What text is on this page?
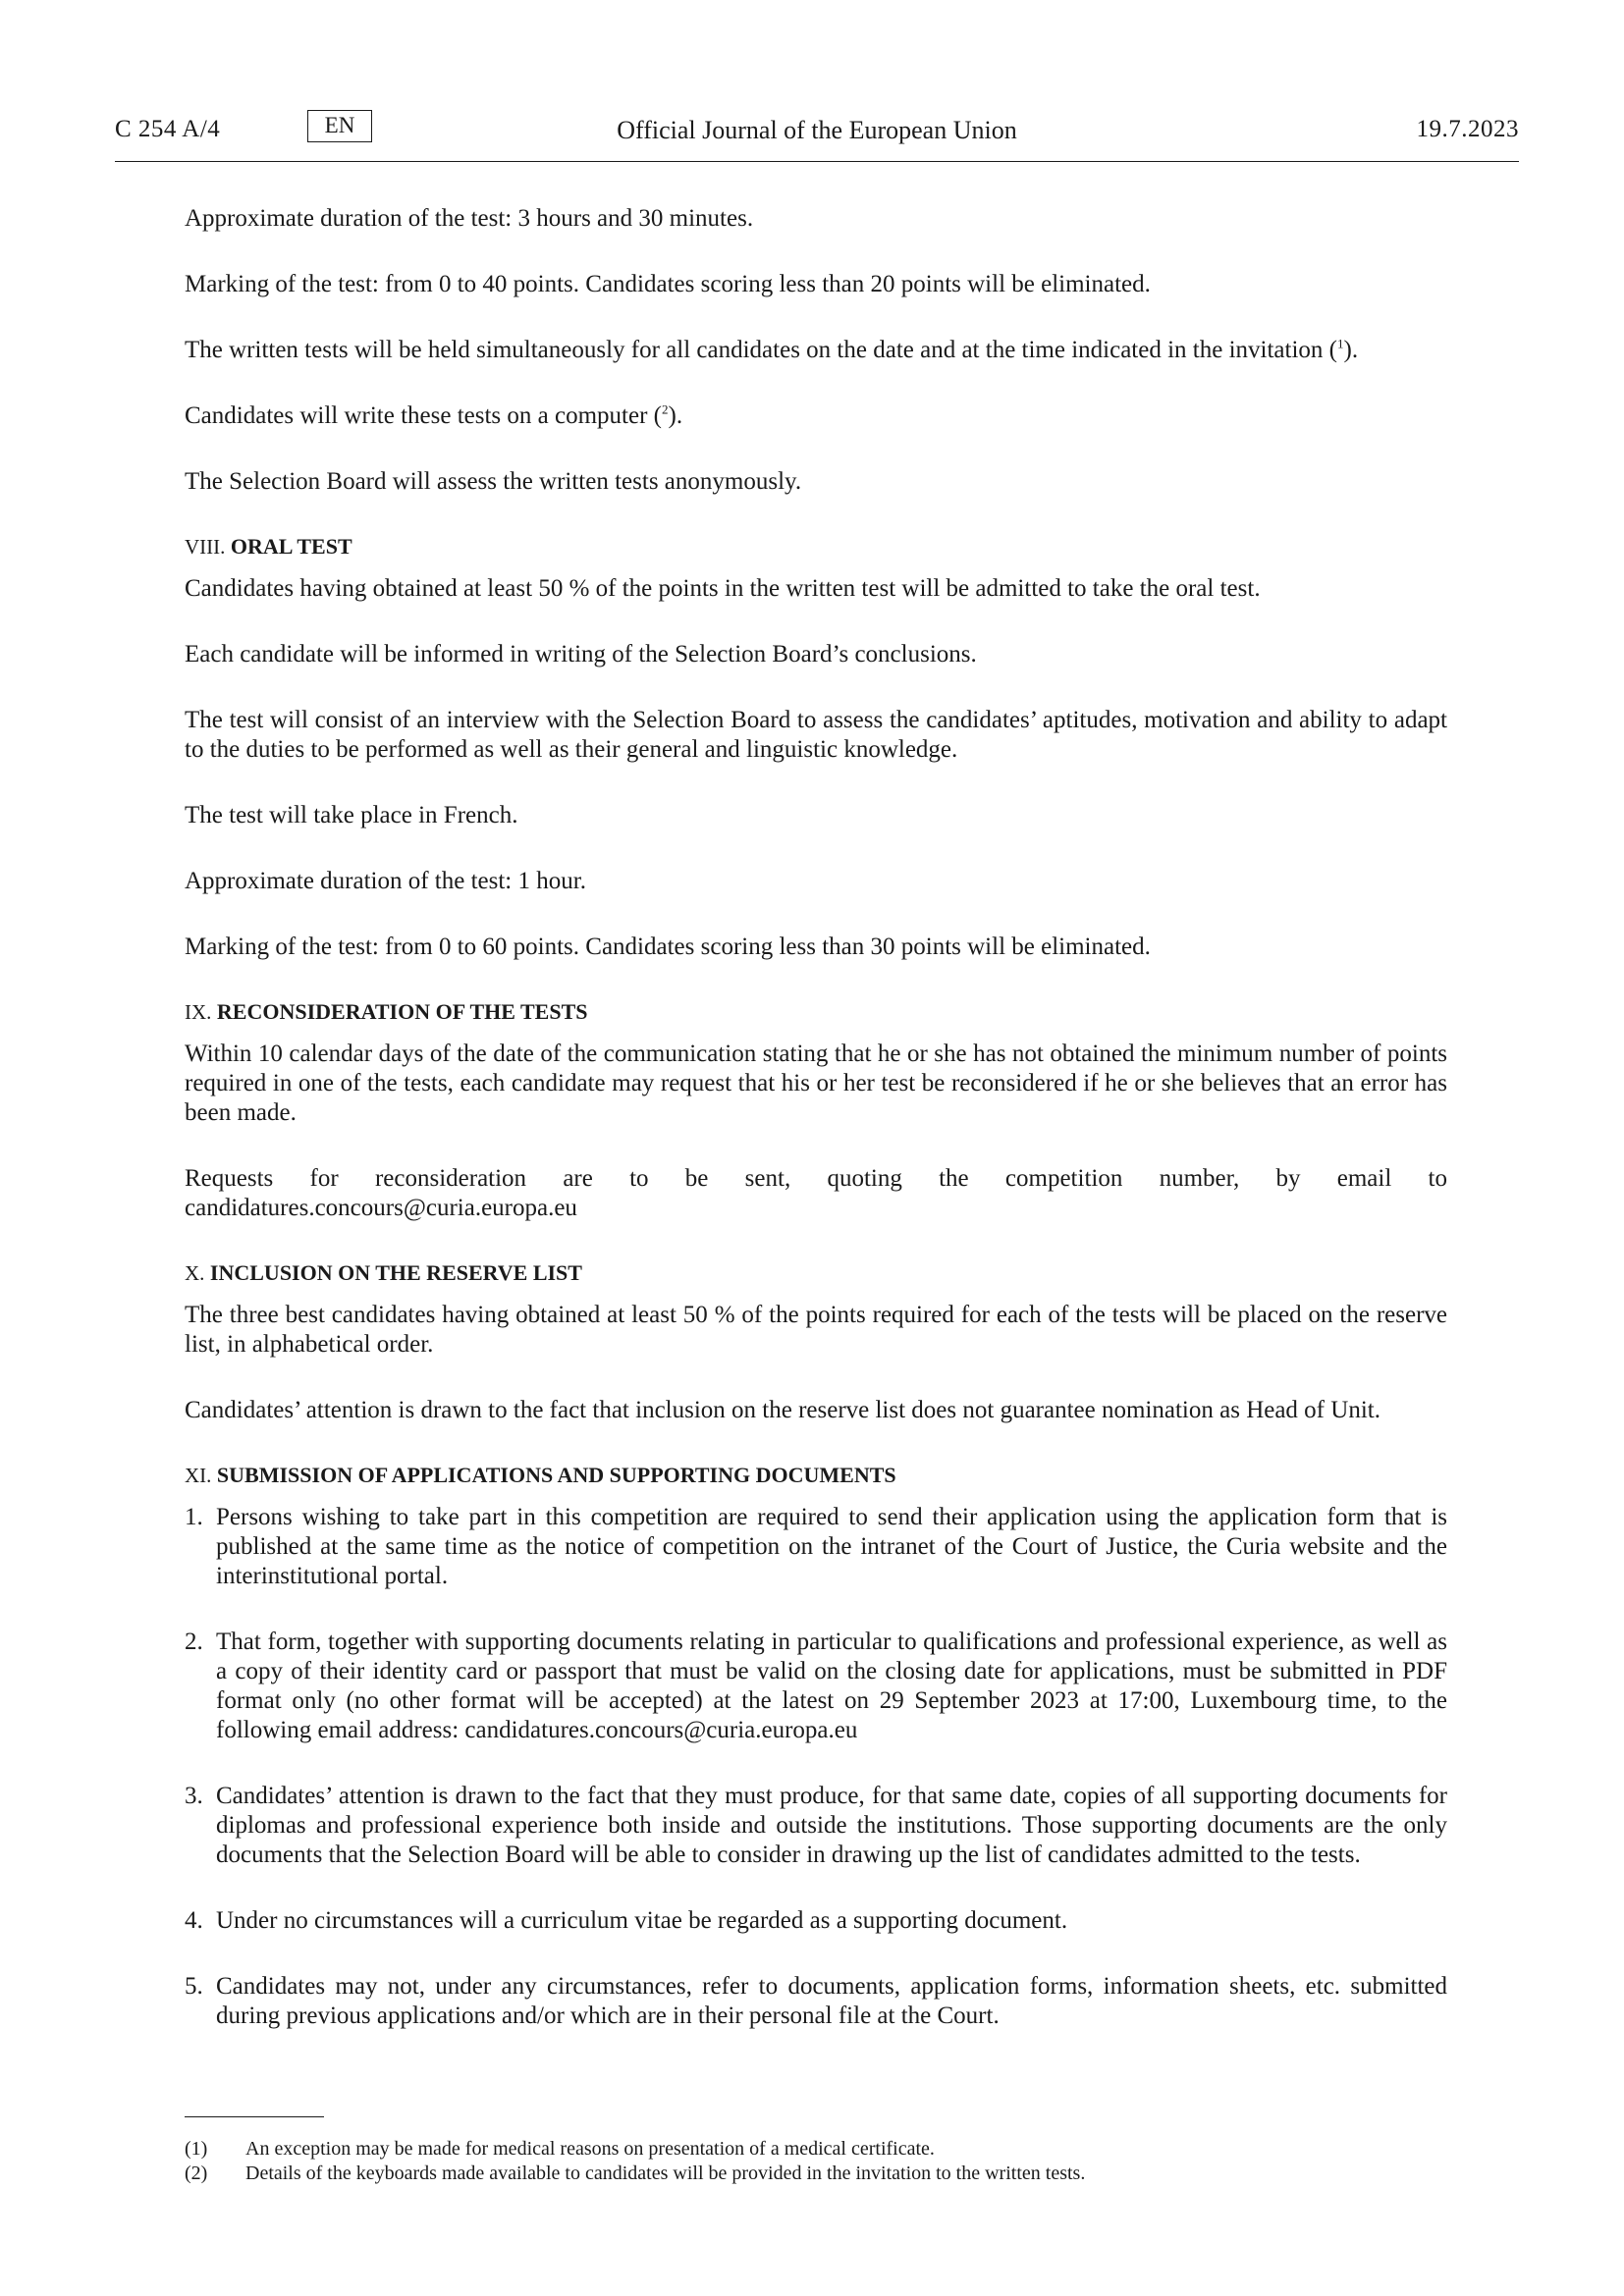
C 254 A/4	EN	Official Journal of the European Union	19.7.2023

Approximate duration of the test: 3 hours and 30 minutes.

Marking of the test: from 0 to 40 points. Candidates scoring less than 20 points will be eliminated.

The written tests will be held simultaneously for all candidates on the date and at the time indicated in the invitation ($^1$).

Candidates will write these tests on a computer ($^2$).

The Selection Board will assess the written tests anonymously.

VIII. ORAL TEST

Candidates having obtained at least 50 % of the points in the written test will be admitted to take the oral test.

Each candidate will be informed in writing of the Selection Board’s conclusions.

The test will consist of an interview with the Selection Board to assess the candidates’ aptitudes, motivation and ability to adapt to the duties to be performed as well as their general and linguistic knowledge.

The test will take place in French.

Approximate duration of the test: 1 hour.

Marking of the test: from 0 to 60 points. Candidates scoring less than 30 points will be eliminated.

IX. RECONSIDERATION OF THE TESTS

Within 10 calendar days of the date of the communication stating that he or she has not obtained the minimum number of points required in one of the tests, each candidate may request that his or her test be reconsidered if he or she believes that an error has been made.

Requests for reconsideration are to be sent, quoting the competition number, by email to candidatures.concours@curia.europa.eu

X. INCLUSION ON THE RESERVE LIST

The three best candidates having obtained at least 50 % of the points required for each of the tests will be placed on the reserve list, in alphabetical order.

Candidates’ attention is drawn to the fact that inclusion on the reserve list does not guarantee nomination as Head of Unit.

XI. SUBMISSION OF APPLICATIONS AND SUPPORTING DOCUMENTS
1. Persons wishing to take part in this competition are required to send their application using the application form that is published at the same time as the notice of competition on the intranet of the Court of Justice, the Curia website and the interinstitutional portal.
2. That form, together with supporting documents relating in particular to qualifications and professional experience, as well as a copy of their identity card or passport that must be valid on the closing date for applications, must be submitted in PDF format only (no other format will be accepted) at the latest on 29 September 2023 at 17:00, Luxembourg time, to the following email address: candidatures.concours@curia.europa.eu
3. Candidates’ attention is drawn to the fact that they must produce, for that same date, copies of all supporting documents for diplomas and professional experience both inside and outside the institutions. Those supporting documents are the only documents that the Selection Board will be able to consider in drawing up the list of candidates admitted to the tests.
4. Under no circumstances will a curriculum vitae be regarded as a supporting document.
5. Candidates may not, under any circumstances, refer to documents, application forms, information sheets, etc. submitted during previous applications and/or which are in their personal file at the Court.
(1) An exception may be made for medical reasons on presentation of a medical certificate.
(2) Details of the keyboards made available to candidates will be provided in the invitation to the written tests.
